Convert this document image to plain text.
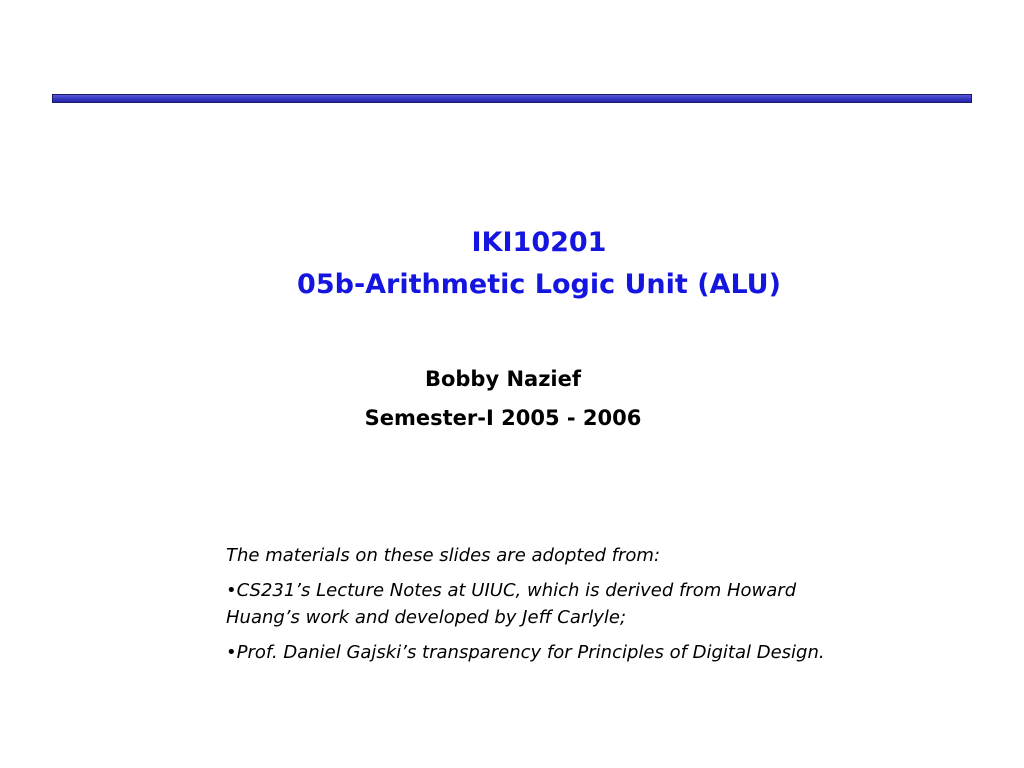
IKI10201
05b-Arithmetic Logic Unit (ALU)
Bobby Nazief
Semester-I 2005 - 2006

The materials on these slides are adopted from:

•CS231’s Lecture Notes at UIUC, which is derived from Howard Huang’s work and developed by Jeff Carlyle;

•Prof. Daniel Gajski’s transparency for Principles of Digital Design.
